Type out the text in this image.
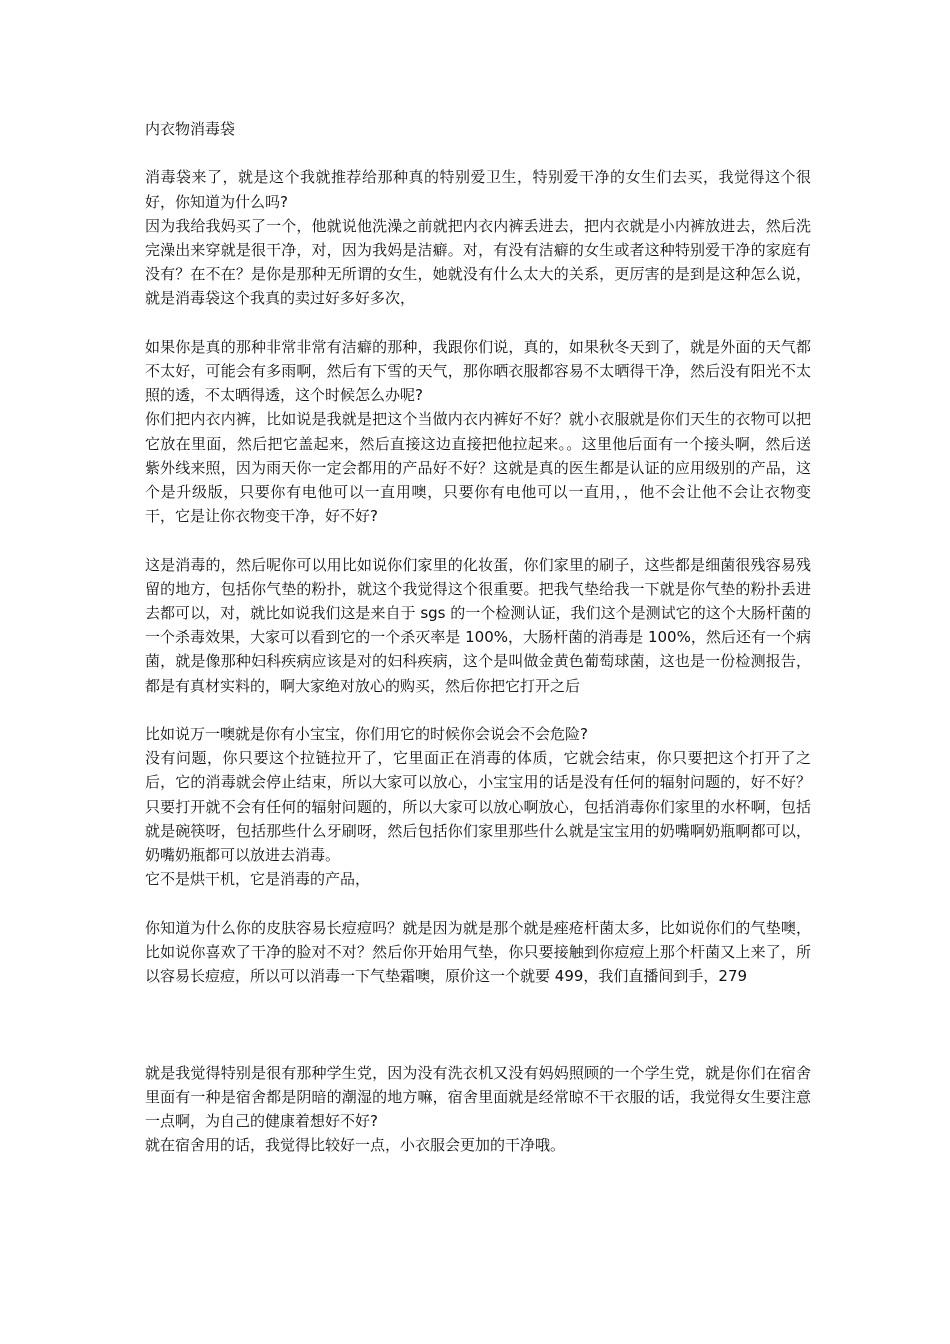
内衣物消毒袋
消毒袋来了，就是这个我就推荐给那种真的特别爱卫生，特别爱干净的女生们去买，我觉得这个很好，你知道为什么吗?
因为我给我妈买了一个，他就说他洗澡之前就把内衣内裤丢进去，把内衣就是小内裤放进去，然后洗完澡出来穿就是很干净，对，因为我妈是洁癖。对，有没有洁癖的女生或者这种特别爱干净的家庭有没有？在不在？是你是那种无所谓的女生，她就没有什么太大的关系，更厉害的是到是这种怎么说，就是消毒袋这个我真的卖过好多好多次，
如果你是真的那种非常非常有洁癖的那种，我跟你们说，真的，如果秋冬天到了，就是外面的天气都不太好，可能会有多雨啊，然后有下雪的天气，那你晒衣服都容易不太晒得干净，然后没有阳光不太照的透，不太晒得透，这个时候怎么办呢?
你们把内衣内裤，比如说是我就是把这个当做内衣内裤好不好？就小衣服就是你们天生的衣物可以把它放在里面，然后把它盖起来，然后直接这边直接把他拉起来。。这里他后面有一个接头啊，然后送紫外线来照，因为雨天你一定会都用的产品好不好？这就是真的医生都是认证的应用级别的产品，这个是升级版，只要你有电他可以一直用噢，只要你有电他可以一直用，，他不会让他不会让衣物变干，它是让你衣物变干净，好不好?
这是消毒的，然后呢你可以用比如说你们家里的化妆蛋，你们家里的刷子，这些都是细菌很残容易残留的地方，包括你气垫的粉扑，就这个我觉得这个很重要。把我气垫给我一下就是你气垫的粉扑丢进去都可以，对，就比如说我们这是来自于 sgs 的一个检测认证，我们这个是测试它的这个大肠杆菌的一个杀毒效果，大家可以看到它的一个杀灭率是 100%，大肠杆菌的消毒是 100%，然后还有一个病菌，就是像那种妇科疾病应该是对的妇科疾病，这个是叫做金黄色葡萄球菌，这也是一份检测报告，都是有真材实料的，啊大家绝对放心的购买，然后你把它打开之后
比如说万一噢就是你有小宝宝，你们用它的时候你会说会不会危险?
没有问题，你只要这个拉链拉开了，它里面正在消毒的体质，它就会结束，你只要把这个打开了之后，它的消毒就会停止结束，所以大家可以放心，小宝宝用的话是没有任何的辐射问题的，好不好？只要打开就不会有任何的辐射问题的，所以大家可以放心啊放心，包括消毒你们家里的水杯啊，包括就是碗筷呀，包括那些什么牙刷呀，然后包括你们家里那些什么就是宝宝用的奶嘴啊奶瓶啊都可以，奶嘴奶瓶都可以放进去消毒。
它不是烘干机，它是消毒的产品，
你知道为什么你的皮肤容易长痘痘吗？就是因为就是那个就是痤疮杆菌太多，比如说你们的气垫噢，比如说你喜欢了干净的脸对不对？然后你开始用气垫，你只要接触到你痘痘上那个杆菌又上来了，所以容易长痘痘，所以可以消毒一下气垫霜噢，原价这一个就要 499，我们直播间到手，279
就是我觉得特别是很有那种学生党，因为没有洗衣机又没有妈妈照顾的一个学生党，就是你们在宿舍里面有一种是宿舍都是阴暗的潮湿的地方嘛，宿舍里面就是经常晾不干衣服的话，我觉得女生要注意一点啊，为自己的健康着想好不好?
就在宿舍用的话，我觉得比较好一点，小衣服会更加的干净哦。
